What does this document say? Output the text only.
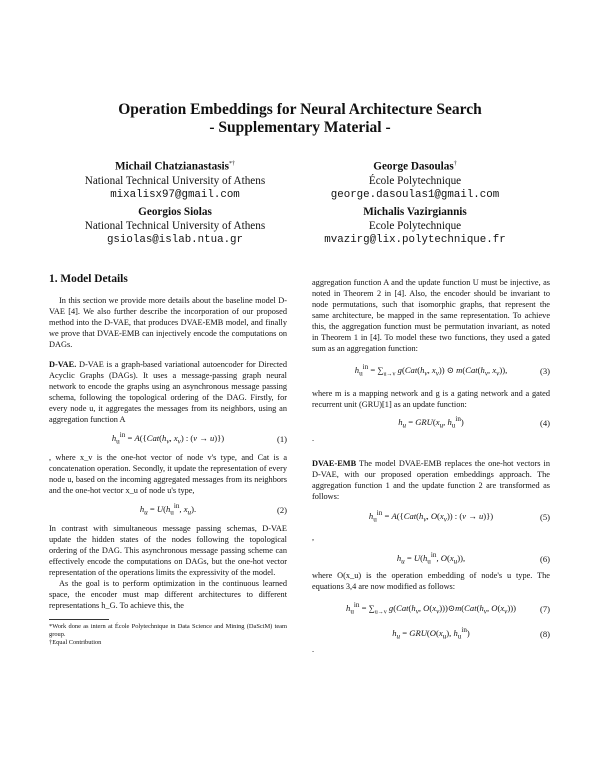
Operation Embeddings for Neural Architecture Search
- Supplementary Material -
Michail Chatzianastasis*†
National Technical University of Athens
mixalisx97@gmail.com
George Dasoulas†
École Polytechnique
george.dasoulas1@gmail.com
Georgios Siolas
National Technical University of Athens
gsiolas@islab.ntua.gr
Michalis Vazirgiannis
Ecole Polytechnique
mvazirg@lix.polytechnique.fr
1. Model Details

In this section we provide more details about the baseline model D-VAE [4]. We also further describe the incorporation of our proposed method into the D-VAE, that produces DVAE-EMB model, and finally we prove that DVAE-EMB can injectively encode the computations on DAGs.

D-VAE. D-VAE is a graph-based variational autoencoder for Directed Acyclic Graphs (DAGs). It uses a message-passing graph neural network to encode the graphs using an asynchronous message passing schema, following the topological ordering of the DAG. Firstly, for every node u, it aggregates the messages from its neighbors, using an aggregation function A

$h_u^{in} = A(\{Cat(h_v$, $x_v$) : (v → u)})	(1)

, where x_v is the one-hot vector of node v's type, and Cat is a concatenation operation. Secondly, it update the representation of every node u, based on the incoming aggregated messages from its neighbors and the one-hot vector x_u of node u's type,

$h_u = U(h_u^{in}$, $x_u$).	(2)

In contrast with simultaneous message passing schemas, D-VAE update the hidden states of the nodes following the topological ordering of the DAG. This asynchronous message passing scheme can effectively encode the computations on DAGs, but the one-hot vector representation of the operations limits the expressivity of the model.

As the goal is to perform optimization in the continuous learned space, the encoder must map different architectures to different representations h_G. To achieve this, the

*Work done as intern at École Polytechnique in Data Science and Mining (DaSciM) team group.

†Equal Contribution

aggregation function A and the update function U must be injective, as noted in Theorem 2 in [4]. Also, the encoder should be invariant to node permutations, such that isomorphic graphs, that represent the same architecture, be mapped in the same representation. To achieve this, the aggregation function must be permutation invariant, as noted in Theorem 1 in [4]. To model these two functions, they used a gated sum as an aggregation function:

$h_u^{in} = \sum_{u\to v}$ $g(Cat(h_v$, $x_v$)) ⊙ $m(Cat(h_v$, $x_v$)),	(3)

where m is a mapping network and g is a gating network and a gated recurrent unit (GRU)[1] as an update function:

$h_u = GRU(x_u$, $h_u^{in}$)	(4)

.

DVAE-EMB The model DVAE-EMB replaces the one-hot vectors in D-VAE, with our proposed operation embeddings approach. The aggregation function 1 and the update function 2 are transformed as follows:

$h_u^{in} = A(\{Cat(h_v$, $O(x_v)$) : (v → u)})	(5)

,

$h_u = U(h_u^{in}$, $O(x_u)$),	(6)

where O(x_u) is the operation embedding of node's u type. The equations 3,4 are now modified as follows:

$h_u^{in} = \sum_{u\to v}$ $g(Cat(h_v$, $O(x_v)))⊙m(Cat(h_v$, $O(x_v)$))	(7)
$h_u = GRU(O(x_u)$, $h_u^{in}$)	(8)

.
